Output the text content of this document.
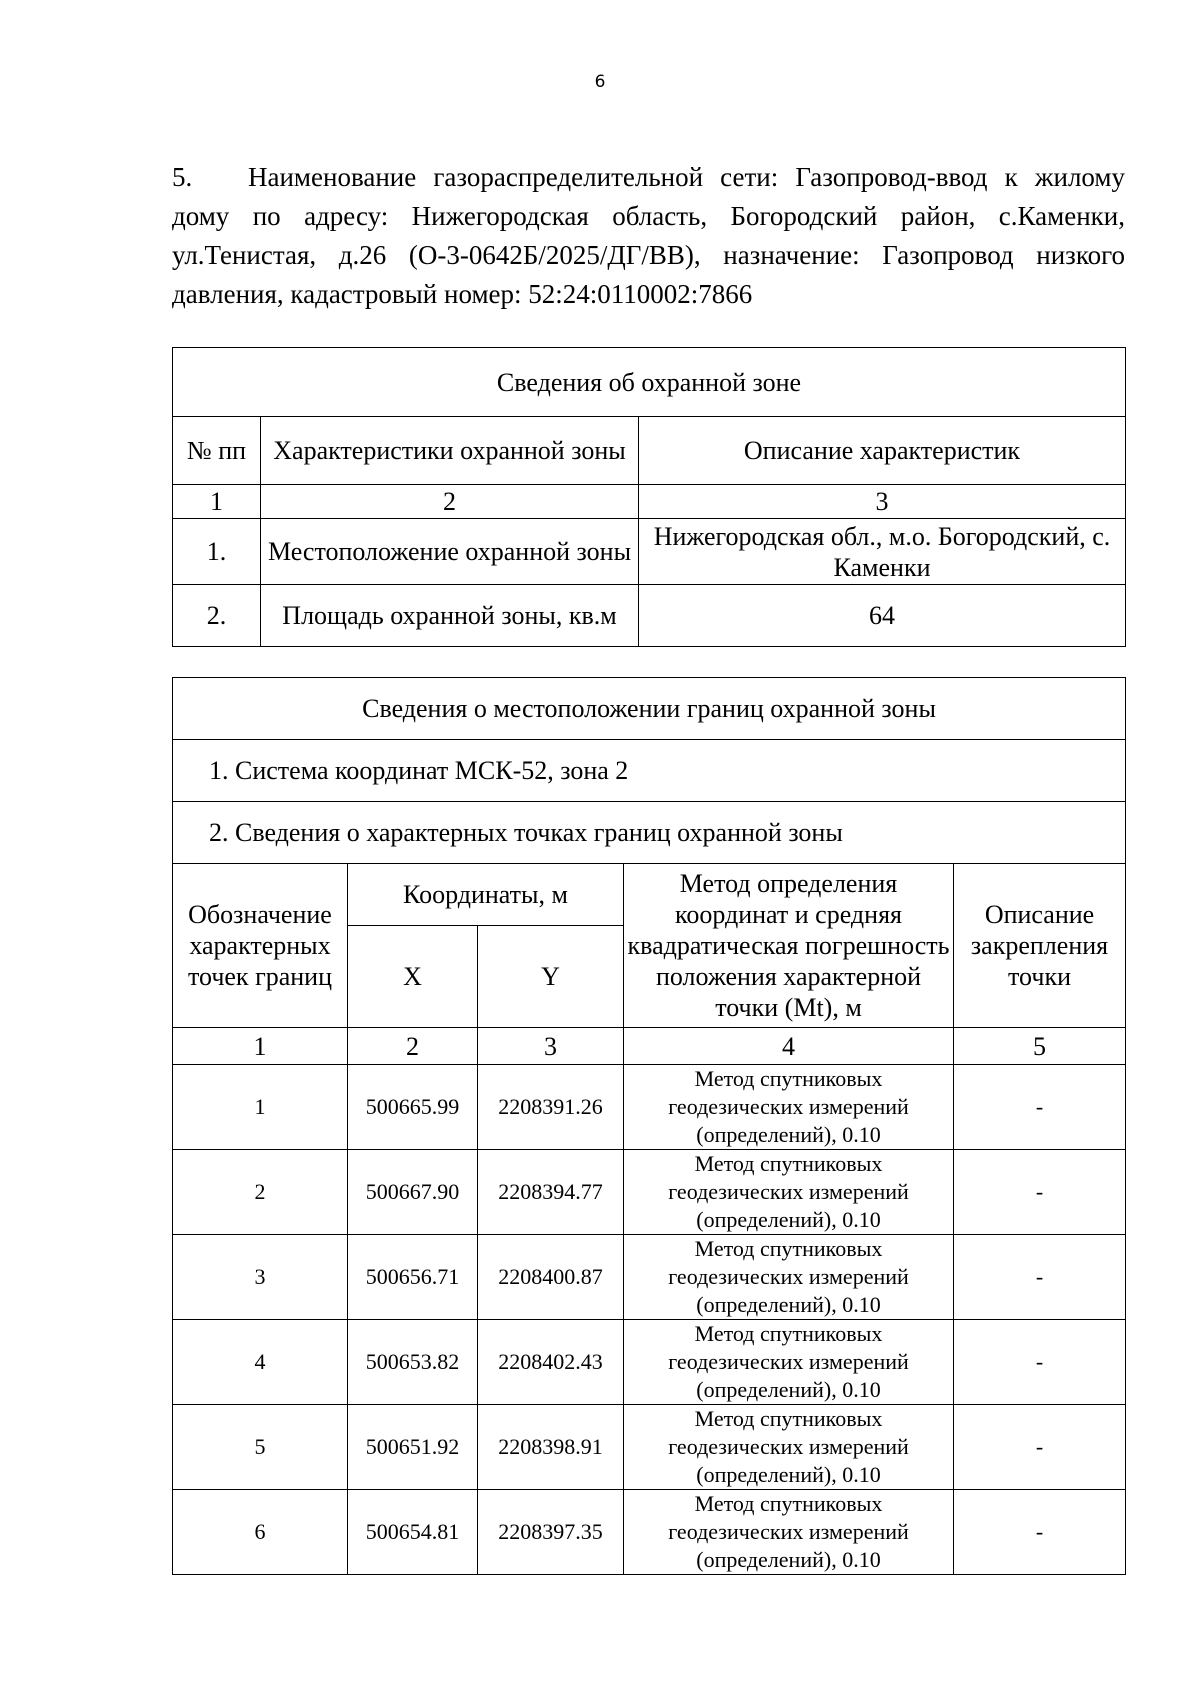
6
5. Наименование газораспределительной сети: Газопровод-ввод к жилому дому по адресу: Нижегородская область, Богородский район, с.Каменки, ул.Тенистая, д.26 (О-3-0642Б/2025/ДГ/ВВ), назначение: Газопровод низкого давления, кадастровый номер: 52:24:0110002:7866
Сведения об охранной зоне		
№ пп	Характеристики охранной зоны	Описание характеристик
1	2	3
1.	Местоположение охранной зоны	Нижегородская обл., м.о. Богородский, с. Каменки
2.	Площадь охранной зоны, кв.м	64
Сведения о местоположении границ охранной зоны				
1. Система координат МСК-52, зона 2				
2. Сведения о характерных точках границ охранной зоны				
Обозначение характерных точек границ	Координаты, м		Метод определения координат и средняя квадратическая погрешность положения характерной точки (Mt), м	Описание закрепления точки
	X	Y		
1	2	3	4	5
1	500665.99	2208391.26	Метод спутниковых геодезических измерений (определений), 0.10	-
2	500667.90	2208394.77	Метод спутниковых геодезических измерений (определений), 0.10	-
3	500656.71	2208400.87	Метод спутниковых геодезических измерений (определений), 0.10	-
4	500653.82	2208402.43	Метод спутниковых геодезических измерений (определений), 0.10	-
5	500651.92	2208398.91	Метод спутниковых геодезических измерений (определений), 0.10	-
6	500654.81	2208397.35	Метод спутниковых геодезических измерений (определений), 0.10	-
